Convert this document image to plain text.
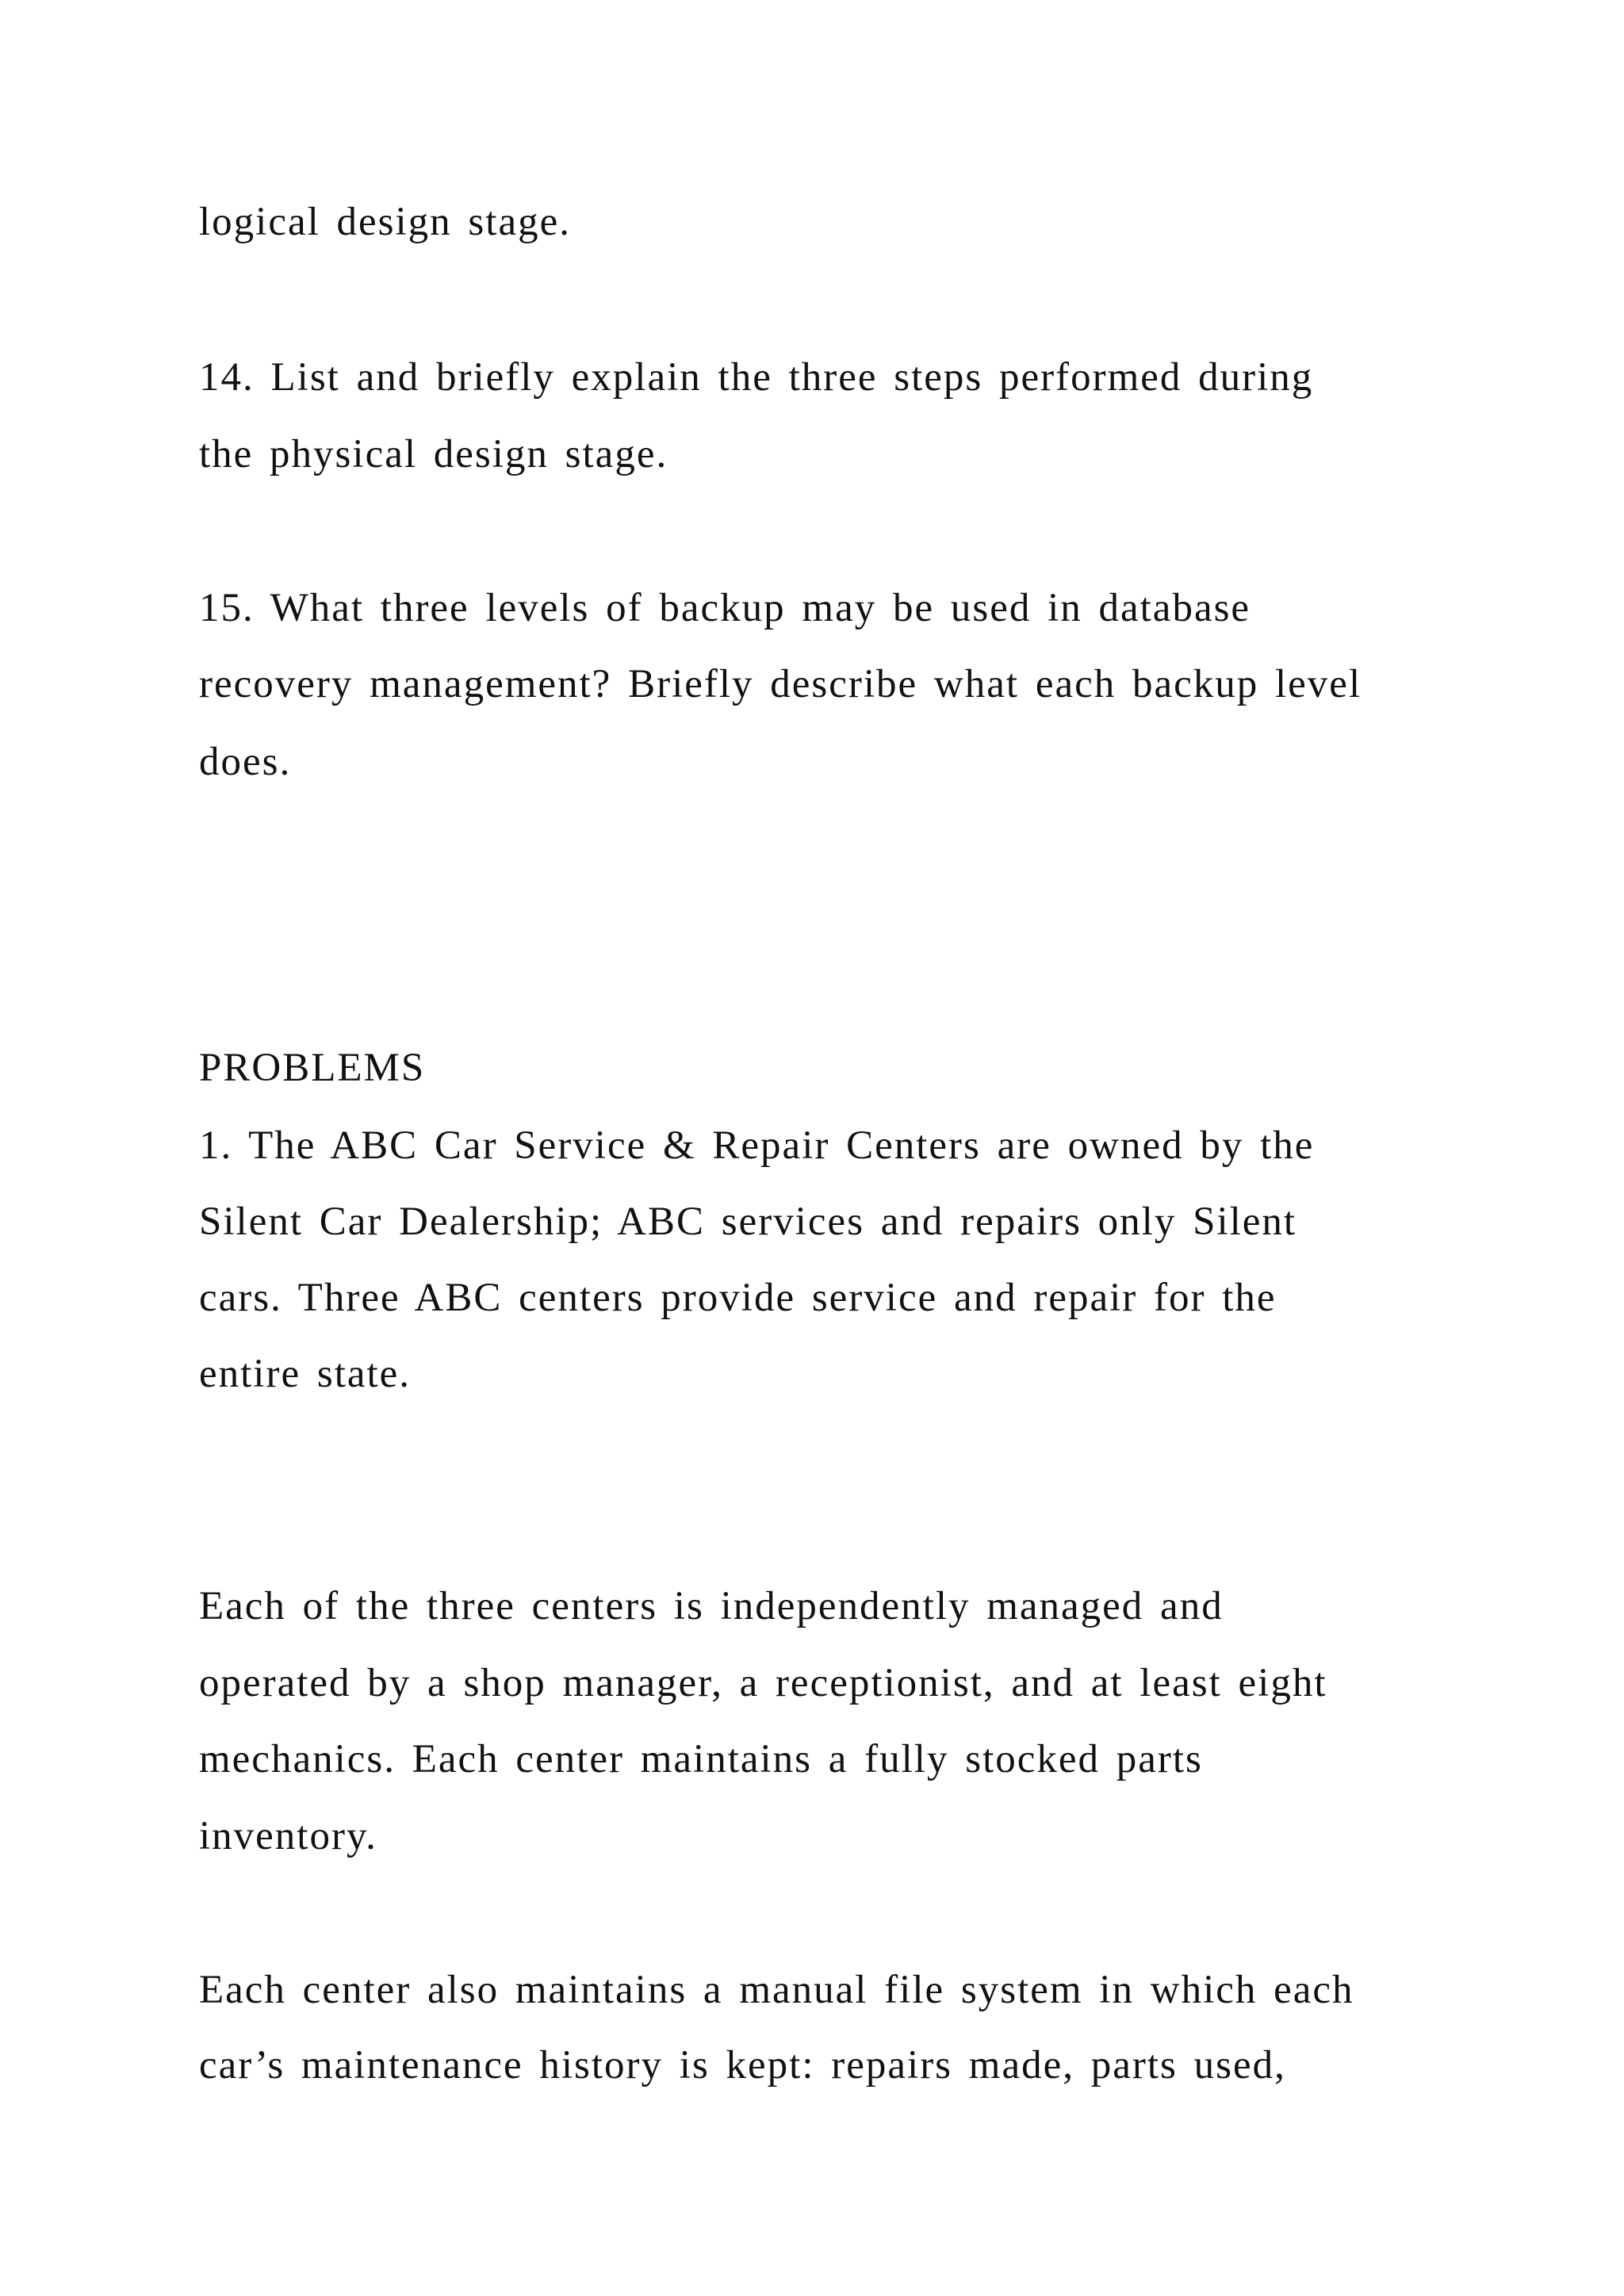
logical design stage.
14. List and briefly explain the three steps performed during
the physical design stage.
15. What three levels of backup may be used in database
recovery management? Briefly describe what each backup level
does.
PROBLEMS
1. The ABC Car Service & Repair Centers are owned by the
Silent Car Dealership; ABC services and repairs only Silent
cars. Three ABC centers provide service and repair for the
entire state.
Each of the three centers is independently managed and
operated by a shop manager, a receptionist, and at least eight
mechanics. Each center maintains a fully stocked parts
inventory.
Each center also maintains a manual file system in which each
car’s maintenance history is kept: repairs made, parts used,
